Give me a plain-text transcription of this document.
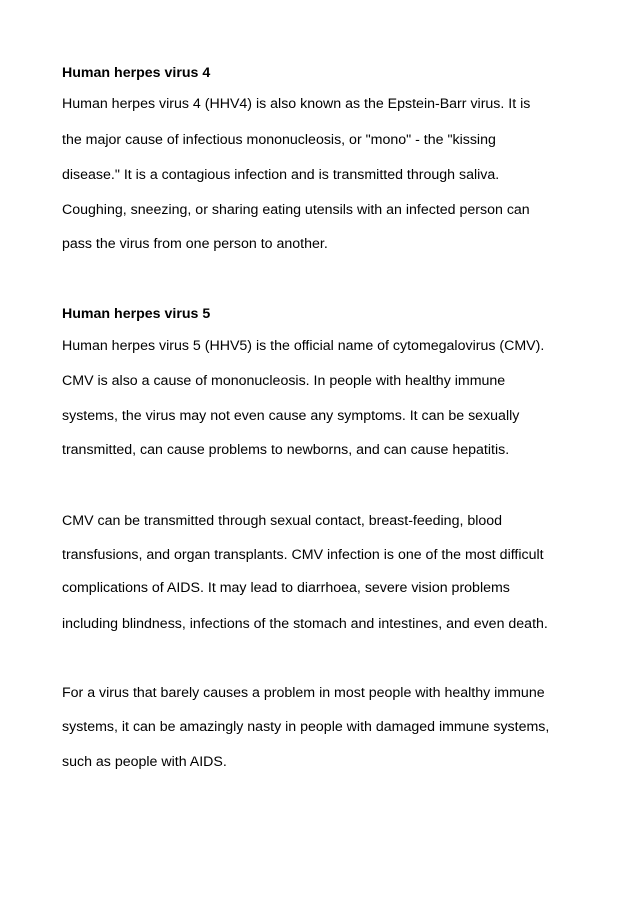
Human herpes virus 4
Human herpes virus 4 (HHV4) is also known as the Epstein-Barr virus. It is
the major cause of infectious mononucleosis, or "mono" - the "kissing
disease." It is a contagious infection and is transmitted through saliva.
Coughing, sneezing, or sharing eating utensils with an infected person can
pass the virus from one person to another.
Human herpes virus 5
Human herpes virus 5 (HHV5) is the official name of cytomegalovirus (CMV).
CMV is also a cause of mononucleosis. In people with healthy immune
systems, the virus may not even cause any symptoms. It can be sexually
transmitted, can cause problems to newborns, and can cause hepatitis.
CMV can be transmitted through sexual contact, breast-feeding, blood
transfusions, and organ transplants. CMV infection is one of the most difficult
complications of AIDS. It may lead to diarrhoea, severe vision problems
including blindness, infections of the stomach and intestines, and even death.
For a virus that barely causes a problem in most people with healthy immune
systems, it can be amazingly nasty in people with damaged immune systems,
such as people with AIDS.
